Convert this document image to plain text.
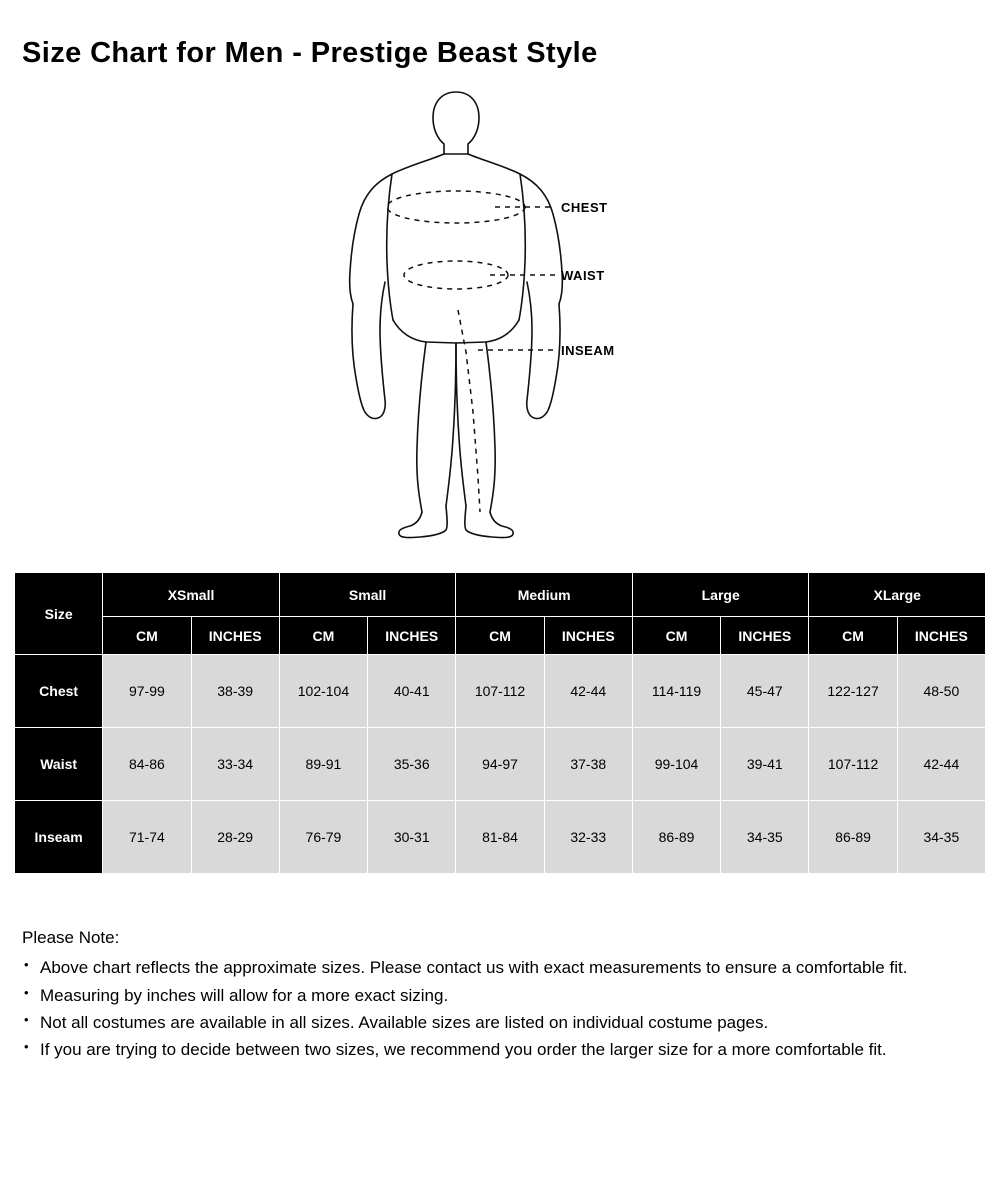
Size Chart for Men - Prestige Beast Style
CHEST
WAIST
INSEAM
Size	XSmall		Small		Medium		Large		XLarge	
	CM	INCHES	CM	INCHES	CM	INCHES	CM	INCHES	CM	INCHES
Chest	97-99	38-39	102-104	40-41	107-112	42-44	114-119	45-47	122-127	48-50
Waist	84-86	33-34	89-91	35-36	94-97	37-38	99-104	39-41	107-112	42-44
Inseam	71-74	28-29	76-79	30-31	81-84	32-33	86-89	34-35	86-89	34-35
Please Note:
• Above chart reflects the approximate sizes. Please contact us with exact measurements to ensure a comfortable fit.
• Measuring by inches will allow for a more exact sizing.
• Not all costumes are available in all sizes. Available sizes are listed on individual costume pages.
• If you are trying to decide between two sizes, we recommend you order the larger size for a more comfortable fit.
